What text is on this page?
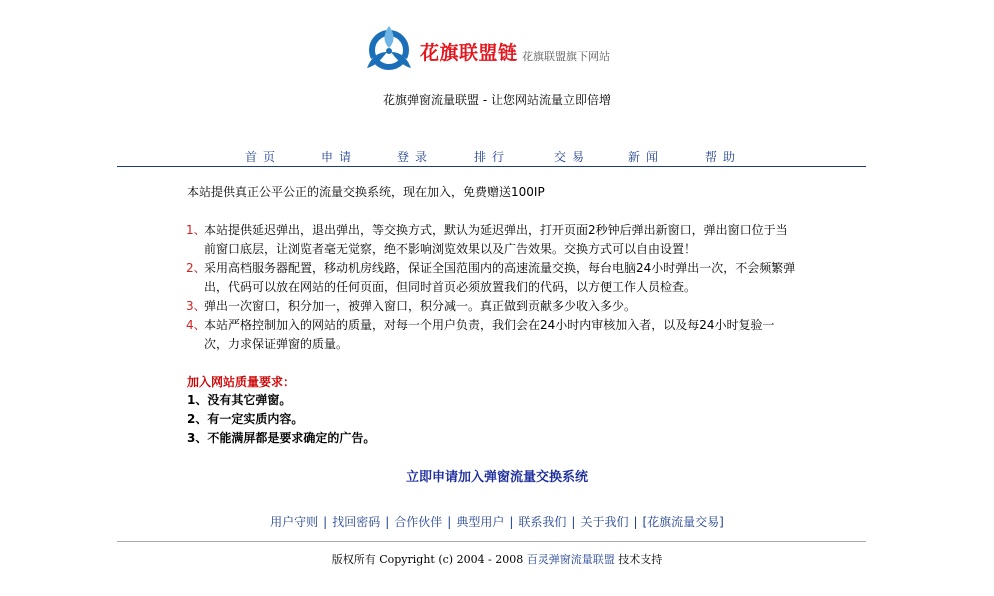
花旗联盟链 花旗联盟旗下网站
花旗弹窗流量联盟 - 让您网站流量立即倍增
首页	申请	登录	排行	交易	新闻	帮助
本站提供真正公平公正的流量交换系统，现在加入，免费赠送100IP
1、
本站提供延迟弹出，退出弹出，等交换方式，默认为延迟弹出，打开页面2秒钟后弹出新窗口，弹出窗口位于当前窗口底层，让浏览者毫无觉察，绝不影响浏览效果以及广告效果。交换方式可以自由设置！
2、
采用高档服务器配置，移动机房线路，保证全国范围内的高速流量交换，每台电脑24小时弹出一次，不会频繁弹出，代码可以放在网站的任何页面，但同时首页必须放置我们的代码，以方便工作人员检查。
3、
弹出一次窗口，积分加一，被弹入窗口，积分减一。真正做到贡献多少收入多少。
4、
本站严格控制加入的网站的质量，对每一个用户负责，我们会在24小时内审核加入者，以及每24小时复验一次，力求保证弹窗的质量。
加入网站质量要求：
1、没有其它弹窗。
2、有一定实质内容。
3、不能满屏都是要求确定的广告。
立即申请加入弹窗流量交换系统
用户守则 | 找回密码 | 合作伙伴 | 典型用户 | 联系我们 | 关于我们 | [花旗流量交易]
版权所有 Copyright (c) 2004 - 2008 百灵弹窗流量联盟 技术支持
